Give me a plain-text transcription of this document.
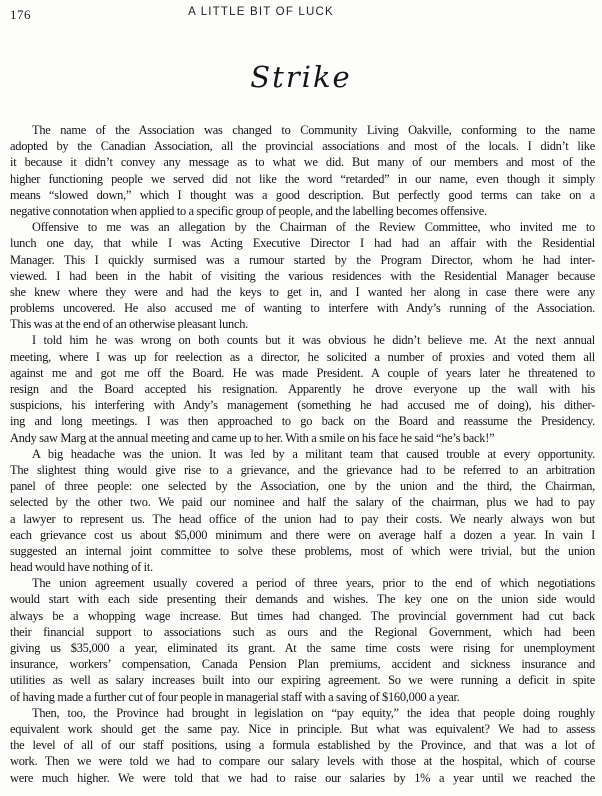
176	A LITTLE BIT OF LUCK
Strike
The name of the Association was changed to Community Living Oakville, conforming to the name
adopted by the Canadian Association, all the provincial associations and most of the locals. I didn’t like
it because it didn’t convey any message as to what we did. But many of our members and most of the
higher functioning people we served did not like the word “retarded” in our name, even though it simply
means “slowed down,” which I thought was a good description. But perfectly good terms can take on a
negative connotation when applied to a specific group of people, and the labelling becomes offensive.
Offensive to me was an allegation by the Chairman of the Review Committee, who invited me to
lunch one day, that while I was Acting Executive Director I had had an affair with the Residential
Manager. This I quickly surmised was a rumour started by the Program Director, whom he had inter-
viewed. I had been in the habit of visiting the various residences with the Residential Manager because
she knew where they were and had the keys to get in, and I wanted her along in case there were any
problems uncovered. He also accused me of wanting to interfere with Andy’s running of the Association.
This was at the end of an otherwise pleasant lunch.
I told him he was wrong on both counts but it was obvious he didn’t believe me. At the next annual
meeting, where I was up for reelection as a director, he solicited a number of proxies and voted them all
against me and got me off the Board. He was made President. A couple of years later he threatened to
resign and the Board accepted his resignation. Apparently he drove everyone up the wall with his
suspicions, his interfering with Andy’s management (something he had accused me of doing), his dither-
ing and long meetings. I was then approached to go back on the Board and reassume the Presidency.
Andy saw Marg at the annual meeting and came up to her. With a smile on his face he said “he’s back!”
A big headache was the union. It was led by a militant team that caused trouble at every opportunity.
The slightest thing would give rise to a grievance, and the grievance had to be referred to an arbitration
panel of three people: one selected by the Association, one by the union and the third, the Chairman,
selected by the other two. We paid our nominee and half the salary of the chairman, plus we had to pay
a lawyer to represent us. The head office of the union had to pay their costs. We nearly always won but
each grievance cost us about $5,000 minimum and there were on average half a dozen a year. In vain I
suggested an internal joint committee to solve these problems, most of which were trivial, but the union
head would have nothing of it.
The union agreement usually covered a period of three years, prior to the end of which negotiations
would start with each side presenting their demands and wishes. The key one on the union side would
always be a whopping wage increase. But times had changed. The provincial government had cut back
their financial support to associations such as ours and the Regional Government, which had been
giving us $35,000 a year, eliminated its grant. At the same time costs were rising for unemployment
insurance, workers’ compensation, Canada Pension Plan premiums, accident and sickness insurance and
utilities as well as salary increases built into our expiring agreement. So we were running a deficit in spite
of having made a further cut of four people in managerial staff with a saving of $160,000 a year.
Then, too, the Province had brought in legislation on “pay equity,” the idea that people doing roughly
equivalent work should get the same pay. Nice in principle. But what was equivalent? We had to assess
the level of all of our staff positions, using a formula established by the Province, and that was a lot of
work. Then we were told we had to compare our salary levels with those at the hospital, which of course
were much higher. We were told that we had to raise our salaries by 1% a year until we reached the
